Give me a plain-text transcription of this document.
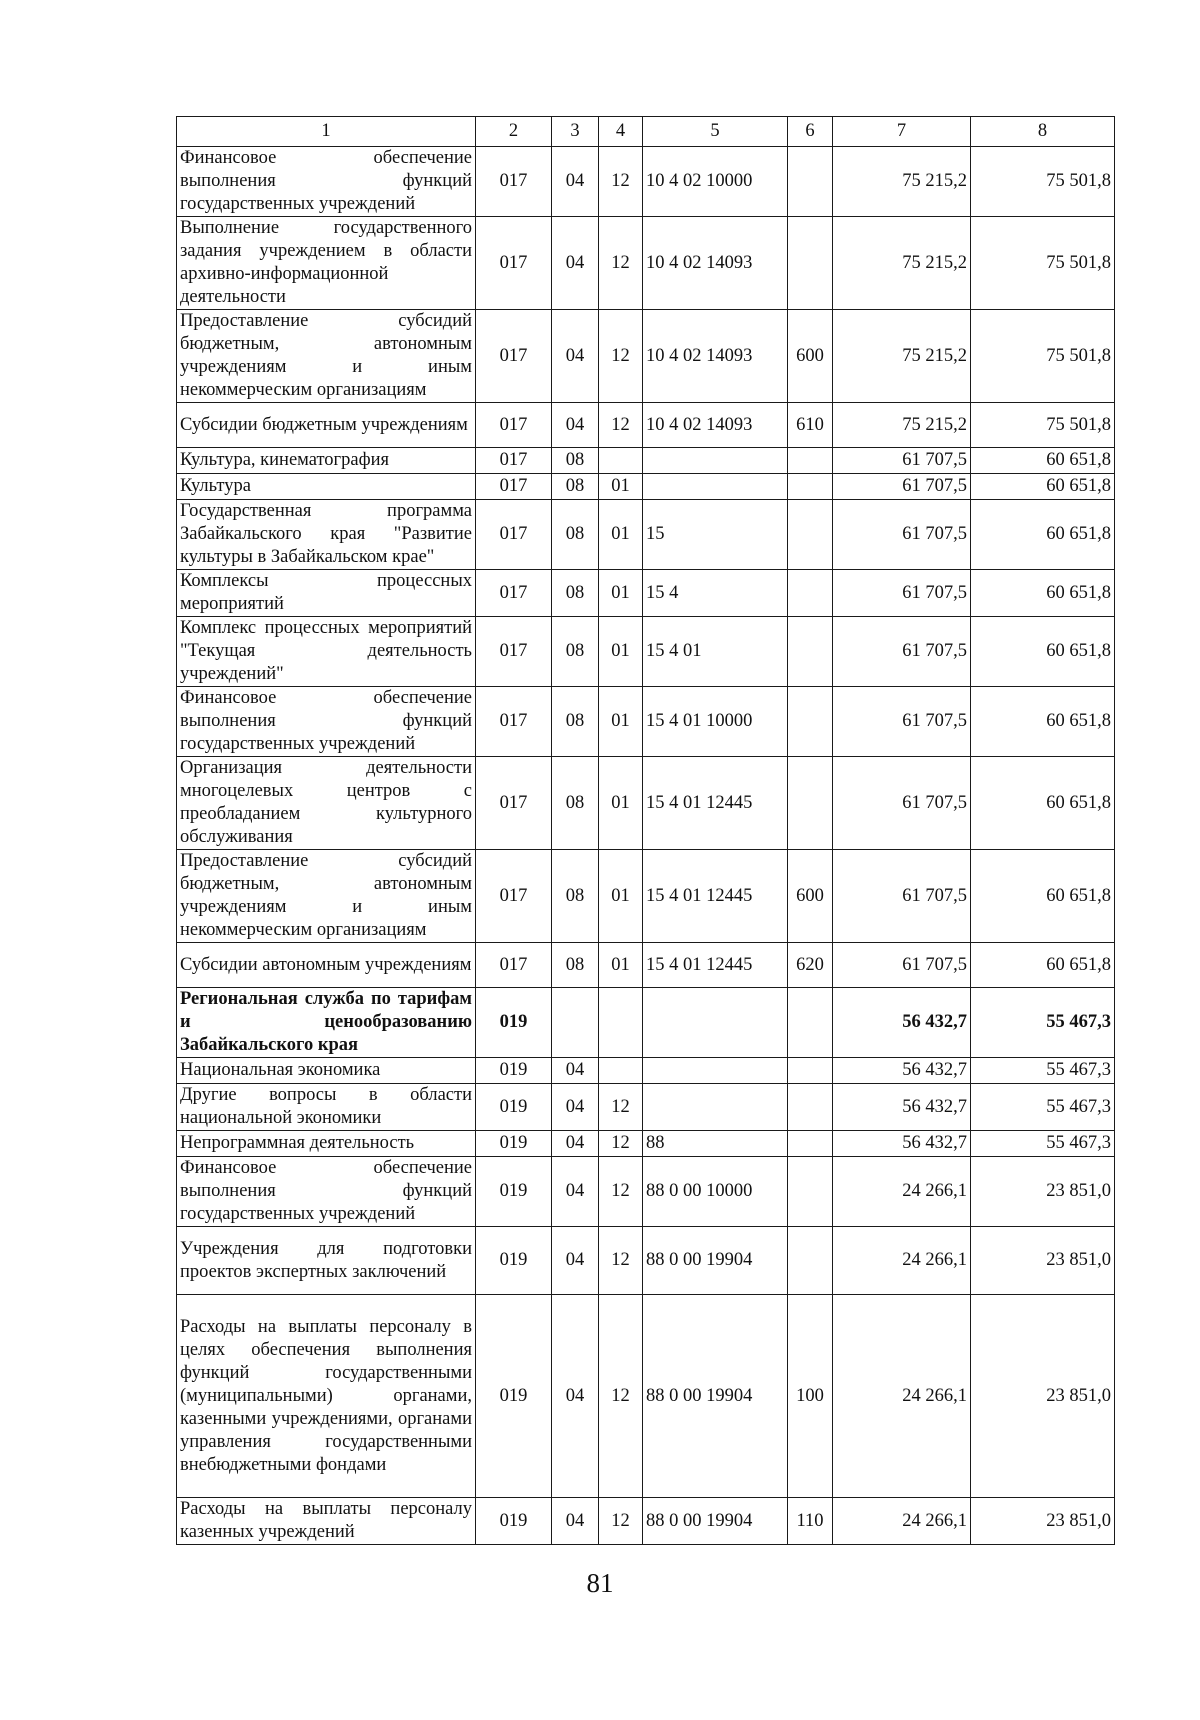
1	2	3	4	5	6	7	8
Финансовое обеспечение выполнения функций государственных учреждений	017	04	12	10 4 02 10000		75 215,2	75 501,8
Выполнение государственного задания учреждением в области архивно-информационной деятельности	017	04	12	10 4 02 14093		75 215,2	75 501,8
Предоставление субсидий бюджетным, автономным учреждениям и иным некоммерческим организациям	017	04	12	10 4 02 14093	600	75 215,2	75 501,8
Субсидии бюджетным учреждениям	017	04	12	10 4 02 14093	610	75 215,2	75 501,8
Культура, кинематография	017	08				61 707,5	60 651,8
Культура	017	08	01			61 707,5	60 651,8
Государственная программа Забайкальского края "Развитие культуры в Забайкальском крае"	017	08	01	15		61 707,5	60 651,8
Комплексы процессных мероприятий	017	08	01	15 4		61 707,5	60 651,8
Комплекс процессных мероприятий "Текущая деятельность учреждений"	017	08	01	15 4 01		61 707,5	60 651,8
Финансовое обеспечение выполнения функций государственных учреждений	017	08	01	15 4 01 10000		61 707,5	60 651,8
Организация деятельности многоцелевых центров с преобладанием культурного обслуживания	017	08	01	15 4 01 12445		61 707,5	60 651,8
Предоставление субсидий бюджетным, автономным учреждениям и иным некоммерческим организациям	017	08	01	15 4 01 12445	600	61 707,5	60 651,8
Субсидии автономным учреждениям	017	08	01	15 4 01 12445	620	61 707,5	60 651,8
Региональная служба по тарифам и ценообразованию Забайкальского края	019					56 432,7	55 467,3
Национальная экономика	019	04				56 432,7	55 467,3
Другие вопросы в области национальной экономики	019	04	12			56 432,7	55 467,3
Непрограммная деятельность	019	04	12	88		56 432,7	55 467,3
Финансовое обеспечение выполнения функций государственных учреждений	019	04	12	88 0 00 10000		24 266,1	23 851,0
Учреждения для подготовки проектов экспертных заключений	019	04	12	88 0 00 19904		24 266,1	23 851,0
Расходы на выплаты персоналу в целях обеспечения выполнения функций государственными (муниципальными) органами, казенными учреждениями, органами управления государственными внебюджетными фондами	019	04	12	88 0 00 19904	100	24 266,1	23 851,0
Расходы на выплаты персоналу казенных учреждений	019	04	12	88 0 00 19904	110	24 266,1	23 851,0
81
